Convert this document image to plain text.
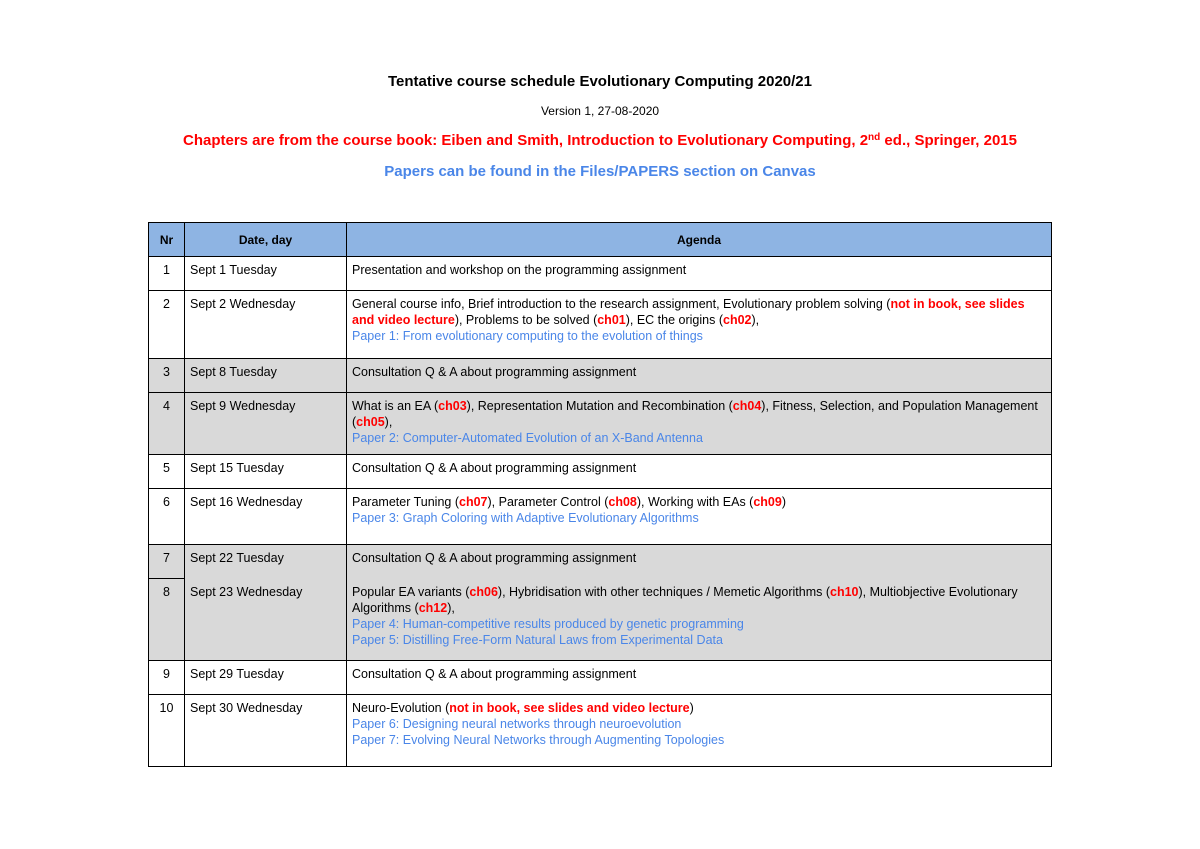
Tentative course schedule Evolutionary Computing 2020/21
Version 1, 27-08-2020
Chapters are from the course book: Eiben and Smith, Introduction to Evolutionary Computing, 2nd ed., Springer, 2015
Papers can be found in the Files/PAPERS section on Canvas
Nr	Date, day	Agenda
1	Sept 1 Tuesday	Presentation and workshop on the programming assignment
2	Sept 2 Wednesday	General course info, Brief introduction to the research assignment, Evolutionary problem solving (not in book, see slides and video lecture), Problems to be solved (ch01), EC the origins (ch02),
Paper 1: From evolutionary computing to the evolution of things

3	Sept 8 Tuesday	Consultation Q & A about programming assignment
4	Sept 9 Wednesday	What is an EA (ch03), Representation Mutation and Recombination (ch04), Fitness, Selection, and Population Management (ch05),
Paper 2: Computer-Automated Evolution of an X-Band Antenna

5	Sept 15 Tuesday	Consultation Q & A about programming assignment
6	Sept 16 Wednesday	Parameter Tuning (ch07), Parameter Control (ch08), Working with EAs (ch09)
Paper 3: Graph Coloring with Adaptive Evolutionary Algorithms

7	Sept 22 Tuesday	Consultation Q & A about programming assignment
8	Sept 23 Wednesday	Popular EA variants (ch06), Hybridisation with other techniques / Memetic Algorithms (ch10), Multiobjective Evolutionary Algorithms (ch12),
Paper 4: Human-competitive results produced by genetic programming
Paper 5: Distilling Free-Form Natural Laws from Experimental Data

9	Sept 29 Tuesday	Consultation Q & A about programming assignment
10	Sept 30 Wednesday	Neuro-Evolution (not in book, see slides and video lecture)
Paper 6: Designing neural networks through neuroevolution
Paper 7: Evolving Neural Networks through Augmenting Topologies
